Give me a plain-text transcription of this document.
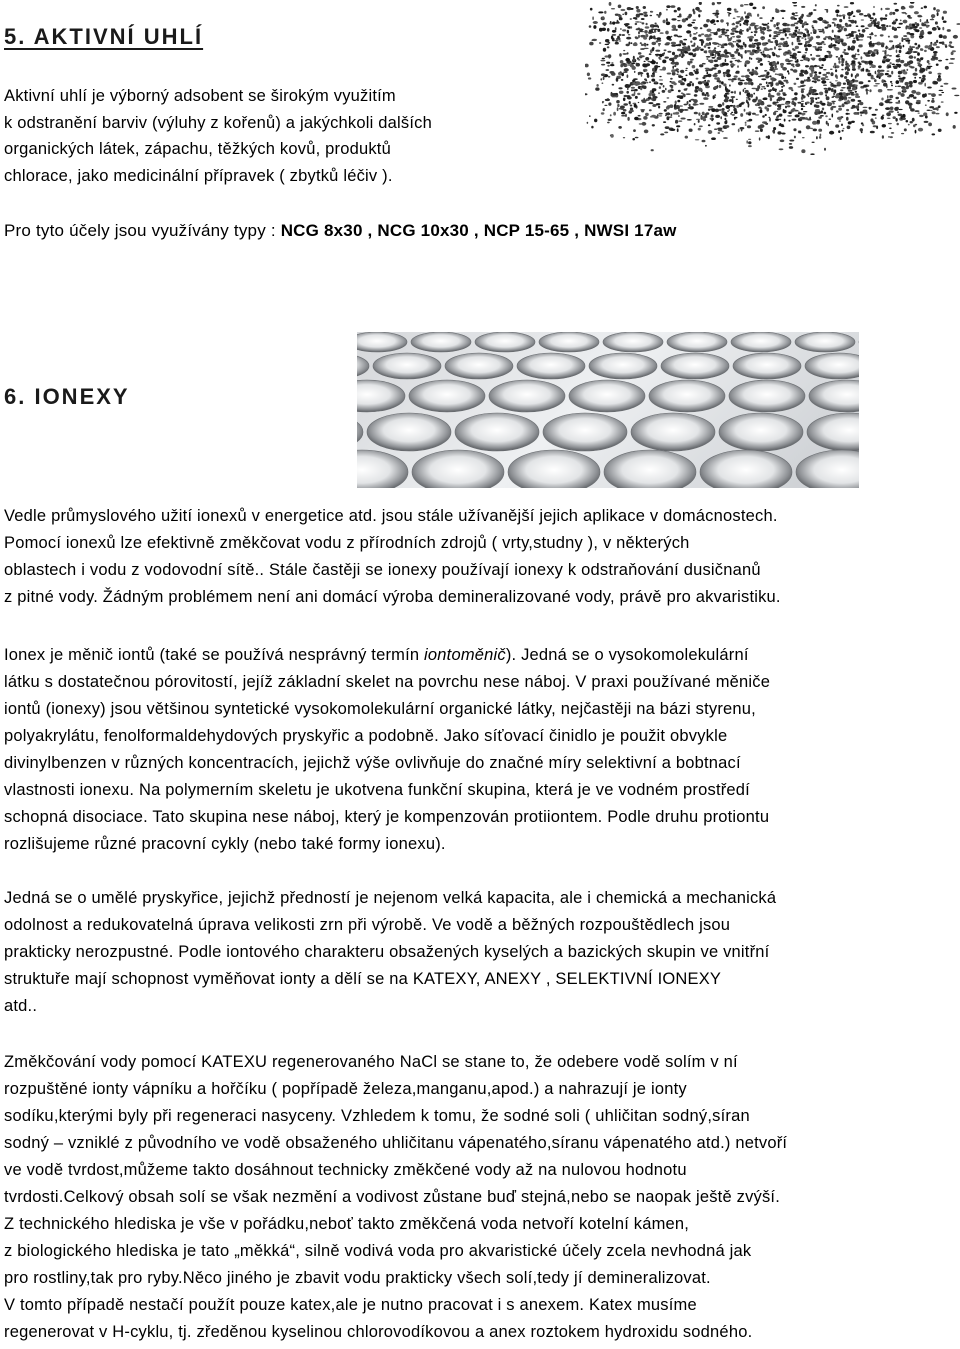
5. AKTIVNÍ UHLÍ

Aktivní uhlí je výborný adsobent se širokým využitím

k odstranění barviv (výluhy z kořenů) a jakýchkoli dalších

organických látek, zápachu, těžkých kovů, produktů

chlorace, jako medicinální přípravek ( zbytků léčiv ).

Pro tyto účely jsou využívány typy : NCG 8x30 , NCG 10x30 , NCP 15-65 , NWSI 17aw

6. IONEXY

Vedle průmyslového užití ionexů v energetice atd. jsou stále užívanější jejich aplikace v domácnostech.

Pomocí ionexů lze efektivně změkčovat vodu z přírodních zdrojů ( vrty,studny ), v některých

oblastech i vodu z vodovodní sítě.. Stále častěji se ionexy používají ionexy k odstraňování dusičnanů

z pitné vody. Žádným problémem není ani domácí výroba demineralizované vody, právě pro akvaristiku.

Ionex je měnič iontů (také se používá nesprávný termín iontoměnič). Jedná se o vysokomolekulární

látku s dostatečnou pórovitostí, jejíž základní skelet na povrchu nese náboj. V praxi používané měniče

iontů (ionexy) jsou většinou syntetické vysokomolekulární organické látky, nejčastěji na bázi styrenu,

polyakrylátu, fenolformaldehydových pryskyřic a podobně. Jako síťovací činidlo je použit obvykle

divinylbenzen v různých koncentracích, jejichž výše ovlivňuje do značné míry selektivní a bobtnací

vlastnosti ionexu. Na polymerním skeletu je ukotvena funkční skupina, která je ve vodném prostředí

schopná disociace. Tato skupina nese náboj, který je kompenzován protiiontem. Podle druhu protiontu

rozlišujeme různé pracovní cykly (nebo také formy ionexu).

Jedná se o umělé pryskyřice, jejichž předností je nejenom velká kapacita, ale i chemická a mechanická

odolnost a redukovatelná úprava velikosti zrn při výrobě. Ve vodě a běžných rozpouštědlech jsou

prakticky nerozpustné. Podle iontového charakteru obsažených kyselých a bazických skupin ve vnitřní

struktuře mají schopnost vyměňovat ionty a dělí se na KATEXY, ANEXY , SELEKTIVNÍ IONEXY

atd..

Změkčování vody pomocí KATEXU regenerovaného NaCl se stane to, že odebere vodě solím v ní

rozpuštěné ionty vápníku a hořčíku ( popřípadě železa,manganu,apod.) a nahrazují je ionty

sodíku,kterými byly při regeneraci nasyceny. Vzhledem k tomu, že sodné soli ( uhličitan sodný,síran

sodný – vzniklé z původního ve vodě obsaženého uhličitanu vápenatého,síranu vápenatého atd.) netvoří

ve vodě tvrdost,můžeme takto dosáhnout technicky změkčené vody až na nulovou hodnotu

tvrdosti.Celkový obsah solí se však nezmění a vodivost zůstane buď stejná,nebo se naopak ještě zvýší.

Z technického hlediska je vše v pořádku,neboť takto změkčená voda netvoří kotelní kámen,

z biologického hlediska je tato „měkká“, silně vodivá voda pro akvaristické účely zcela nevhodná jak

pro rostliny,tak pro ryby.Něco jiného je zbavit vodu prakticky všech solí,tedy jí demineralizovat.

V tomto případě nestačí použít pouze katex,ale je nutno pracovat i s anexem. Katex musíme

regenerovat v H-cyklu, tj. zředěnou kyselinou chlorovodíkovou a anex roztokem hydroxidu sodného.
